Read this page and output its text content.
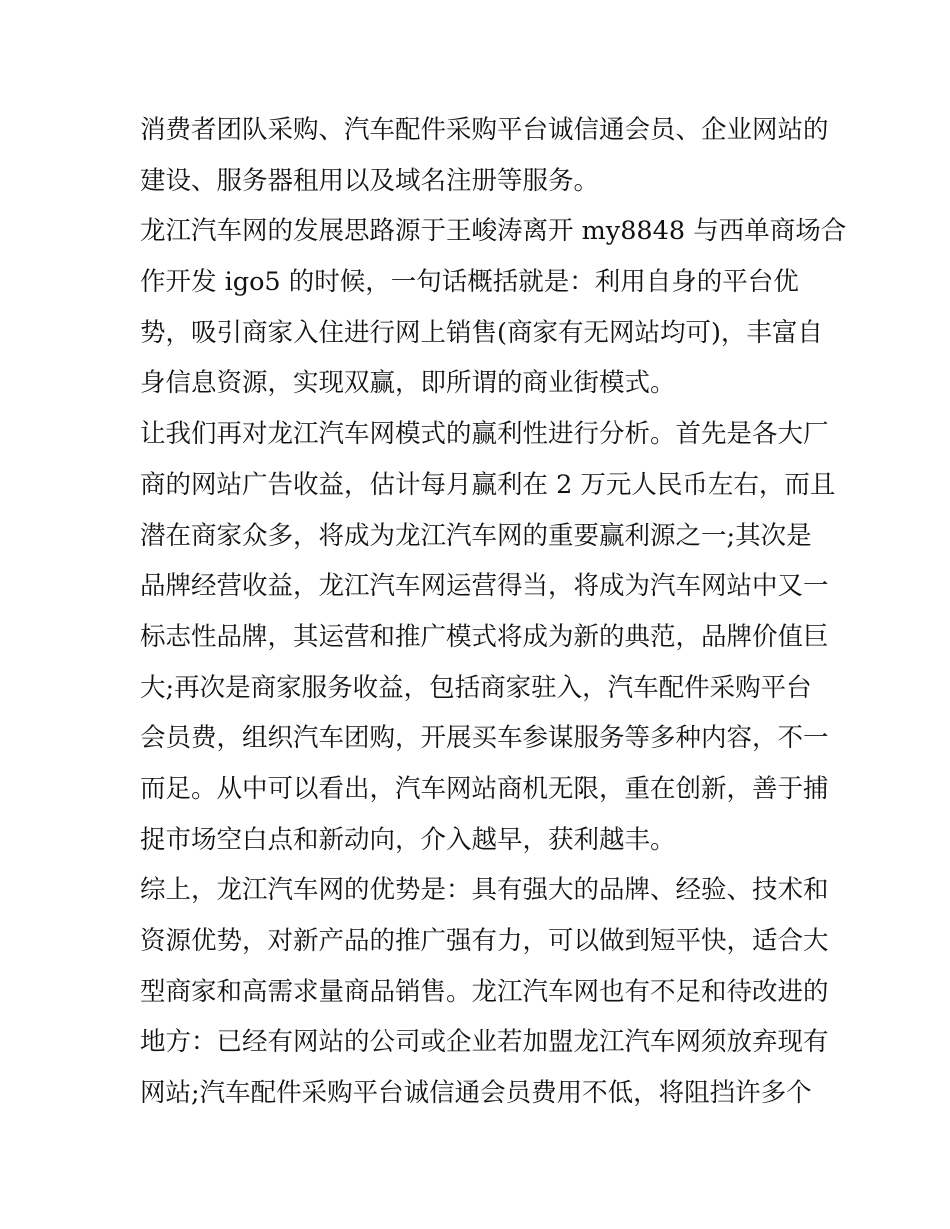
消费者团队采购、汽车配件采购平台诚信通会员、企业网站的
建设、服务器租用以及域名注册等服务。
龙江汽车网的发展思路源于王峻涛离开 my8848 与西单商场合
作开发 igo5 的时候，一句话概括就是：利用自身的平台优
势，吸引商家入住进行网上销售(商家有无网站均可)，丰富自
身信息资源，实现双赢，即所谓的商业街模式。
让我们再对龙江汽车网模式的赢利性进行分析。首先是各大厂
商的网站广告收益，估计每月赢利在 2 万元人民币左右，而且
潜在商家众多，将成为龙江汽车网的重要赢利源之一;其次是
品牌经营收益，龙江汽车网运营得当，将成为汽车网站中又一
标志性品牌，其运营和推广模式将成为新的典范，品牌价值巨
大;再次是商家服务收益，包括商家驻入，汽车配件采购平台
会员费，组织汽车团购，开展买车参谋服务等多种内容，不一
而足。从中可以看出，汽车网站商机无限，重在创新，善于捕
捉市场空白点和新动向，介入越早，获利越丰。
综上，龙江汽车网的优势是：具有强大的品牌、经验、技术和
资源优势，对新产品的推广强有力，可以做到短平快，适合大
型商家和高需求量商品销售。龙江汽车网也有不足和待改进的
地方：已经有网站的公司或企业若加盟龙江汽车网须放弃现有
网站;汽车配件采购平台诚信通会员费用不低，将阻挡许多个
